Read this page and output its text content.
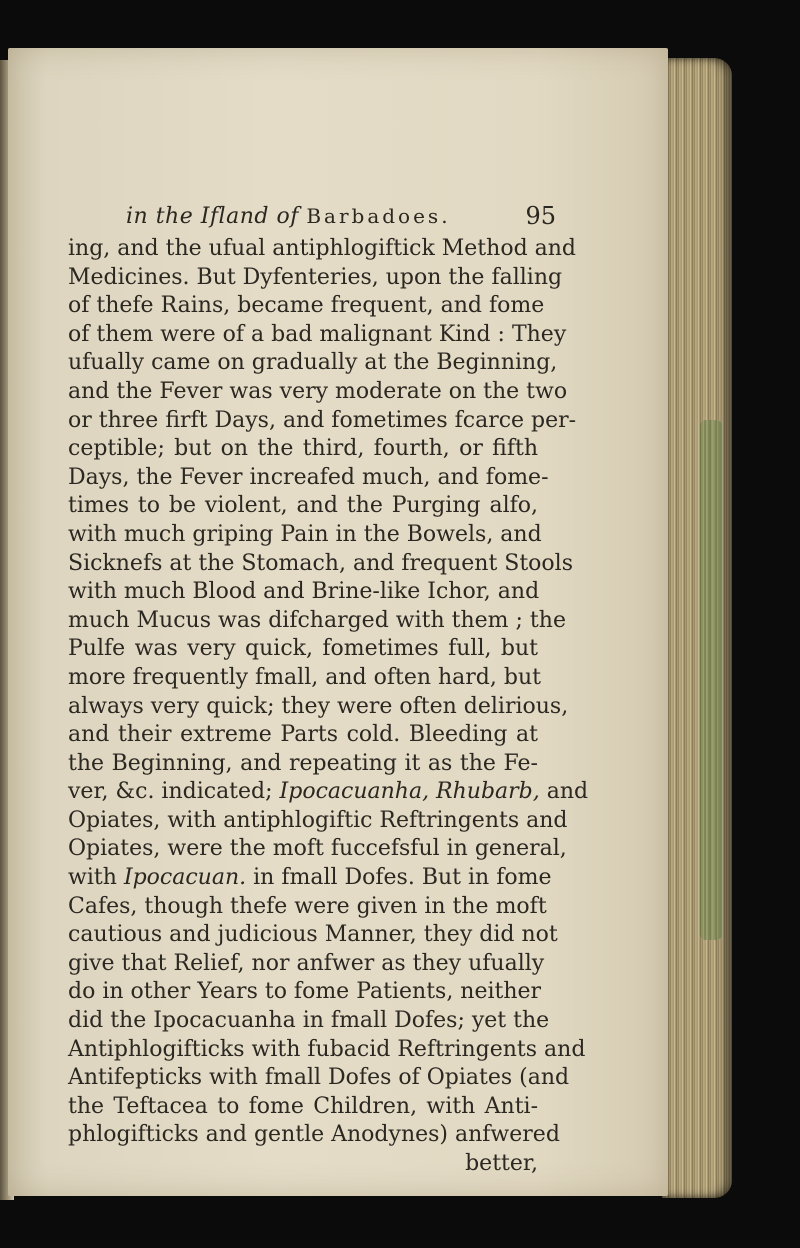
in the Ifland of Barbadoes.	95
ing, and the ufual antiphlogiftick Method and
Medicines. But Dyfenteries, upon the falling
of thefe Rains, became frequent, and fome
of them were of a bad malignant Kind : They
ufually came on gradually at the Beginning,
and the Fever was very moderate on the two
or three firft Days, and fometimes fcarce per-
ceptible; but on the third, fourth, or fifth
Days, the Fever increafed much, and fome-
times to be violent, and the Purging alfo,
with much griping Pain in the Bowels, and
Sicknefs at the Stomach, and frequent Stools
with much Blood and Brine-like Ichor, and
much Mucus was difcharged with them ; the
Pulfe was very quick, fometimes full, but
more frequently fmall, and often hard, but
always very quick; they were often delirious,
and their extreme Parts cold. Bleeding at
the Beginning, and repeating it as the Fe-
ver, &c. indicated; Ipocacuanha, Rhubarb, and
Opiates, with antiphlogiftic Reftringents and
Opiates, were the moft fuccefsful in general,
with Ipocacuan. in fmall Dofes. But in fome
Cafes, though thefe were given in the moft
cautious and judicious Manner, they did not
give that Relief, nor anfwer as they ufually
do in other Years to fome Patients, neither
did the Ipocacuanha in fmall Dofes; yet the
Antiphlogifticks with fubacid Reftringents and
Antifepticks with fmall Dofes of Opiates (and
the Teftacea to fome Children, with Anti-
phlogifticks and gentle Anodynes) anfwered
better,
